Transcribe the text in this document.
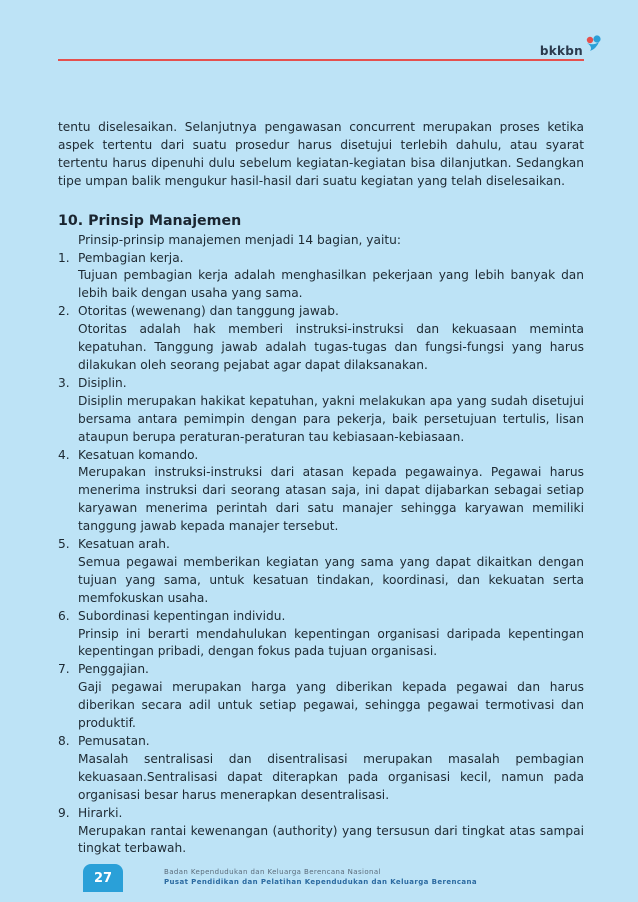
bkkbn

tentu diselesaikan. Selanjutnya pengawasan concurrent merupakan proses ketika aspek tertentu dari suatu prosedur harus disetujui terlebih dahulu, atau syarat tertentu harus dipenuhi dulu sebelum kegiatan-kegiatan bisa dilanjutkan. Sedangkan tipe umpan balik mengukur hasil-hasil dari suatu kegiatan yang telah diselesaikan.

10. Prinsip Manajemen
Prinsip-prinsip manajemen menjadi 14 bagian, yaitu:
1. Pembagian kerja.
Tujuan pembagian kerja adalah menghasilkan pekerjaan yang lebih banyak dan lebih baik dengan usaha yang sama.
2. Otoritas (wewenang) dan tanggung jawab.
Otoritas adalah hak memberi instruksi-instruksi dan kekuasaan meminta kepatuhan. Tanggung jawab adalah tugas-tugas dan fungsi-fungsi yang harus dilakukan oleh seorang pejabat agar dapat dilaksanakan.
3. Disiplin.
Disiplin merupakan hakikat kepatuhan, yakni melakukan apa yang sudah disetujui bersama antara pemimpin dengan para pekerja, baik persetujuan tertulis, lisan ataupun berupa peraturan-peraturan tau kebiasaan-kebiasaan.
4. Kesatuan komando.
Merupakan instruksi-instruksi dari atasan kepada pegawainya. Pegawai harus menerima instruksi dari seorang atasan saja, ini dapat dijabarkan sebagai setiap karyawan menerima perintah dari satu manajer sehingga karyawan memiliki tanggung jawab kepada manajer tersebut.
5. Kesatuan arah.
Semua pegawai memberikan kegiatan yang sama yang dapat dikaitkan dengan tujuan yang sama, untuk kesatuan tindakan, koordinasi, dan kekuatan serta memfokuskan usaha.
6. Subordinasi kepentingan individu.
Prinsip ini berarti mendahulukan kepentingan organisasi daripada kepentingan kepentingan pribadi, dengan fokus pada tujuan organisasi.
7. Penggajian.
Gaji pegawai merupakan harga yang diberikan kepada pegawai dan harus diberikan secara adil untuk setiap pegawai, sehingga pegawai termotivasi dan produktif.
8. Pemusatan.
Masalah sentralisasi dan disentralisasi merupakan masalah pembagian kekuasaan.Sentralisasi dapat diterapkan pada organisasi kecil, namun pada organisasi besar harus menerapkan desentralisasi.
9. Hirarki.
Merupakan rantai kewenangan (authority) yang tersusun dari tingkat atas sampai tingkat terbawah.
27	Badan Kependudukan dan Keluarga Berencana Nasional
Pusat Pendidikan dan Pelatihan Kependudukan dan Keluarga Berencana
